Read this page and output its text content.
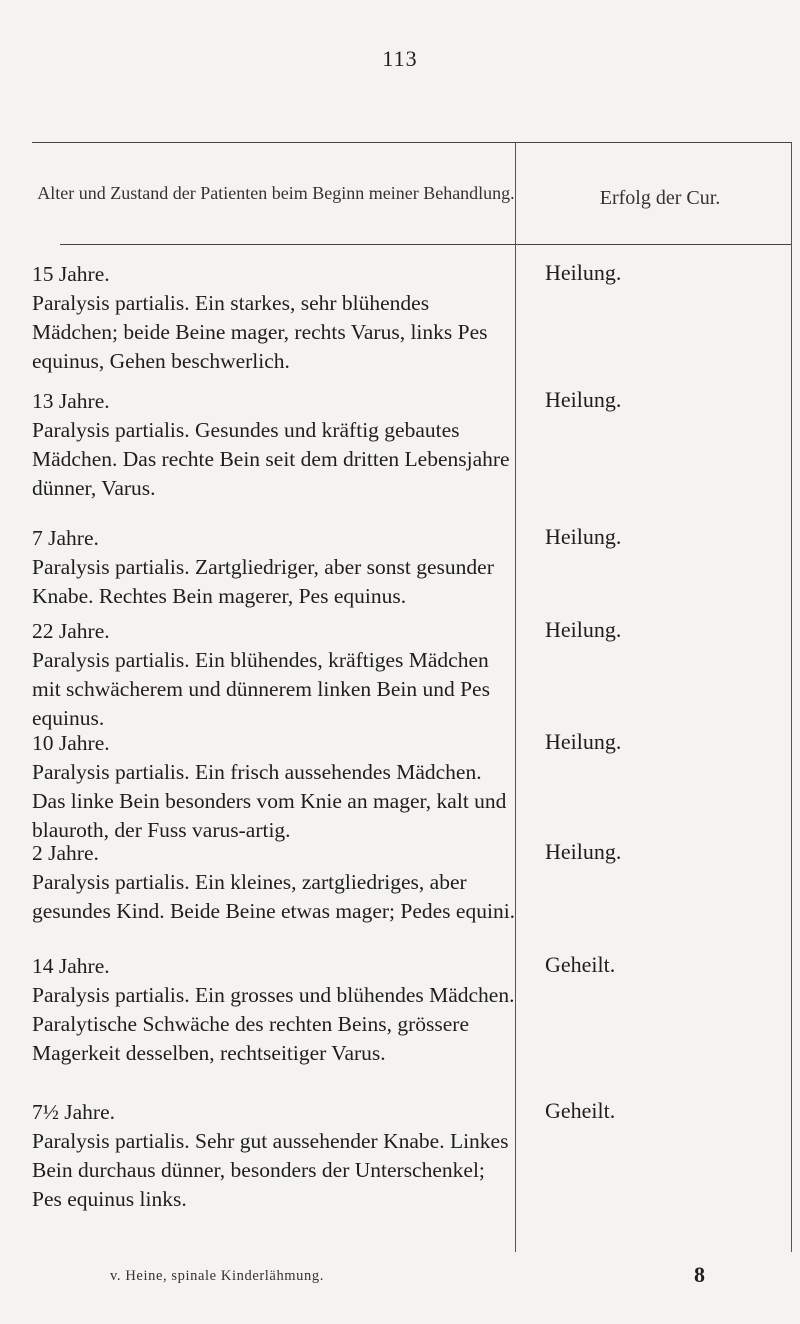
113
Alter und Zustand der Patienten beim Beginn meiner Behandlung.	Erfolg der Cur.
15 Jahre.
Paralysis partialis. Ein starkes, sehr blühendes Mädchen; beide Beine mager, rechts Varus, links Pes equinus, Gehen beschwerlich.
Heilung.
13 Jahre.
Paralysis partialis. Gesundes und kräftig gebautes Mädchen. Das rechte Bein seit dem dritten Lebensjahre dünner, Varus.
Heilung.
7 Jahre.
Paralysis partialis. Zartgliedriger, aber sonst gesunder Knabe. Rechtes Bein magerer, Pes equinus.
Heilung.
22 Jahre.
Paralysis partialis. Ein blühendes, kräftiges Mädchen mit schwächerem und dünnerem linken Bein und Pes equinus.
Heilung.
10 Jahre.
Paralysis partialis. Ein frisch aussehendes Mädchen. Das linke Bein besonders vom Knie an mager, kalt und blauroth, der Fuss varus-artig.
Heilung.
2 Jahre.
Paralysis partialis. Ein kleines, zartgliedriges, aber gesundes Kind. Beide Beine etwas mager; Pedes equini.
Heilung.
14 Jahre.
Paralysis partialis. Ein grosses und blühendes Mädchen. Paralytische Schwäche des rechten Beins, grössere Magerkeit desselben, rechtseitiger Varus.
Geheilt.
7½ Jahre.
Paralysis partialis. Sehr gut aussehender Knabe. Linkes Bein durchaus dünner, besonders der Unterschenkel; Pes equinus links.
Geheilt.
v. Heine, spinale Kinderlähmung.	8
